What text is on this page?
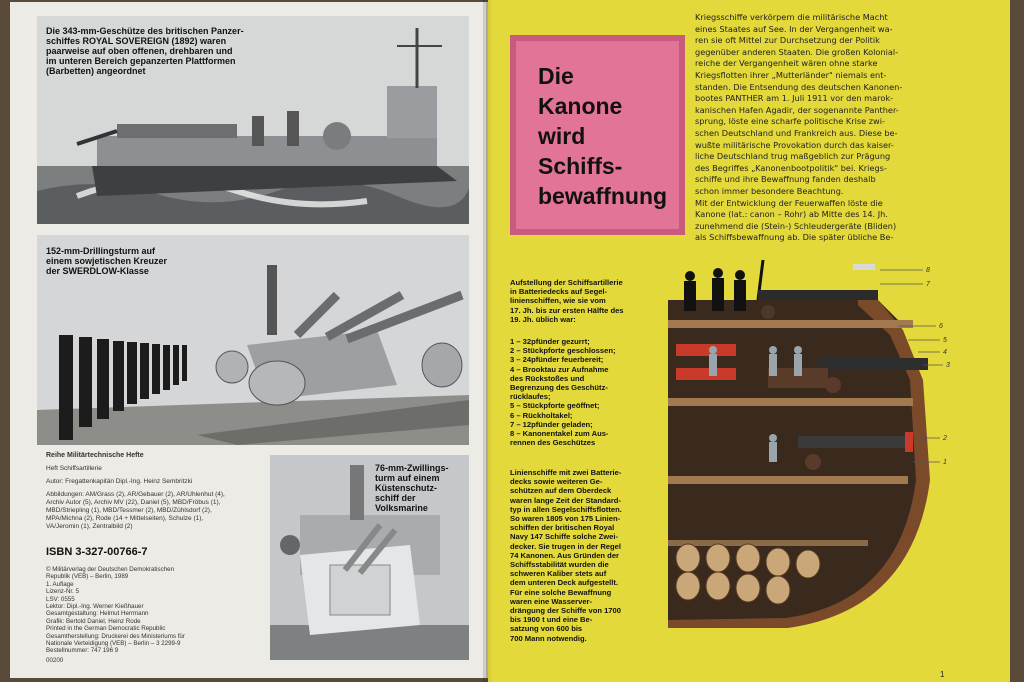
Die 343-mm-Geschütze des britischen Panzer-
schiffes ROYAL SOVEREIGN (1892) waren
paarweise auf oben offenen, drehbaren und
im unteren Bereich gepanzerten Plattformen
(Barbetten) angeordnet
152-mm-Drillingsturm auf
einem sowjetischen Kreuzer
der SWERDLOW-Klasse
Reihe Militärtechnische Hefte
Heft Schiffsartillerie
Autor: Fregattenkapitän Dipl.-Ing. Heinz Sembritzki
Abbildungen: AM/Grass (2), AR/Gebauer (2), AR/Uhlenhut (4),
Archiv Autor (5), Archiv MV (22), Daniel (5), MBD/Fröbus (1),
MBD/Striepling (1), MBD/Tessmer (2), MBD/Zühlsdorf (2),
MPA/Michna (2), Rode (14 + Mittelseiten), Schulze (1),
VA/Jeromin (1), Zentralbild (2)
ISBN 3-327-00766-7
© Militärverlag der Deutschen Demokratischen
Republik (VEB) – Berlin, 1989
1. Auflage
Lizenz-Nr. 5
LSV: 0555
Lektor: Dipl.-Ing. Werner Kießhauer
Gesamtgestaltung: Helmut Herrmann
Grafik: Bertold Daniel, Heinz Rode
Printed in the German Democratic Republic
Gesamtherstellung: Druckerei des Ministeriums für
Nationale Verteidigung (VEB) – Berlin – 3 2299-9
Bestellnummer: 747 196 9
00200
76-mm-Zwillings-
turm auf einem
Küstenschutz-
schiff der
Volksmarine
Die
Kanone
wird
Schiffs-
bewaffnung

Kriegsschiffe verkörpern die militärische Macht

eines Staates auf See. In der Vergangenheit wa-

ren sie oft Mittel zur Durchsetzung der Politik

gegenüber anderen Staaten. Die großen Kolonial-

reiche der Vergangenheit wären ohne starke

Kriegsflotten ihrer „Mutterländer" niemals ent-

standen. Die Entsendung des deutschen Kanonen-

bootes PANTHER am 1. Juli 1911 vor den marok-

kanischen Hafen Agadir, der sogenannte Panther-

sprung, löste eine scharfe politische Krise zwi-

schen Deutschland und Frankreich aus. Diese be-

wußte militärische Provokation durch das kaiser-

liche Deutschland trug maßgeblich zur Prägung

des Begriffes „Kanonenbootpolitik" bei. Kriegs-

schiffe und ihre Bewaffnung fanden deshalb

schon immer besondere Beachtung.

Mit der Entwicklung der Feuerwaffen löste die

Kanone (lat.: canon – Rohr) ab Mitte des 14. Jh.

zunehmend die (Stein-) Schleudergeräte (Bliden)

als Schiffsbewaffnung ab. Die später übliche Be-

Aufstellung der Schiffsartillerie
in Batteriedecks auf Segel-
linienschiffen, wie sie vom
17. Jh. bis zur ersten Hälfte des
19. Jh. üblich war:
1 – 32pfünder gezurrt;
2 – Stückpforte geschlossen;
3 – 24pfünder feuerbereit;
4 – Brooktau zur Aufnahme
des Rückstoßes und
Begrenzung des Geschütz-
rücklaufes;
5 – Stückpforte geöffnet;
6 – Rückholtakel;
7 – 12pfünder geladen;
8 – Kanonentakel zum Aus-
rennen des Geschützes
Linienschiffe mit zwei Batterie-
decks sowie weiteren Ge-
schützen auf dem Oberdeck
waren lange Zeit der Standard-
typ in allen Segelschiffsflotten.
So waren 1805 von 175 Linien-
schiffen der britischen Royal
Navy 147 Schiffe solche Zwei-
decker. Sie trugen in der Regel
74 Kanonen. Aus Gründen der
Schiffsstabilität wurden die
schweren Kaliber stets auf
dem unteren Deck aufgestellt.
Für eine solche Bewaffnung
waren eine Wasserver-
drängung der Schiffe von 1700
bis 1900 t und eine Be-
satzung von 600 bis
700 Mann notwendig.
8
7
6
5
4
3
2
1
1
